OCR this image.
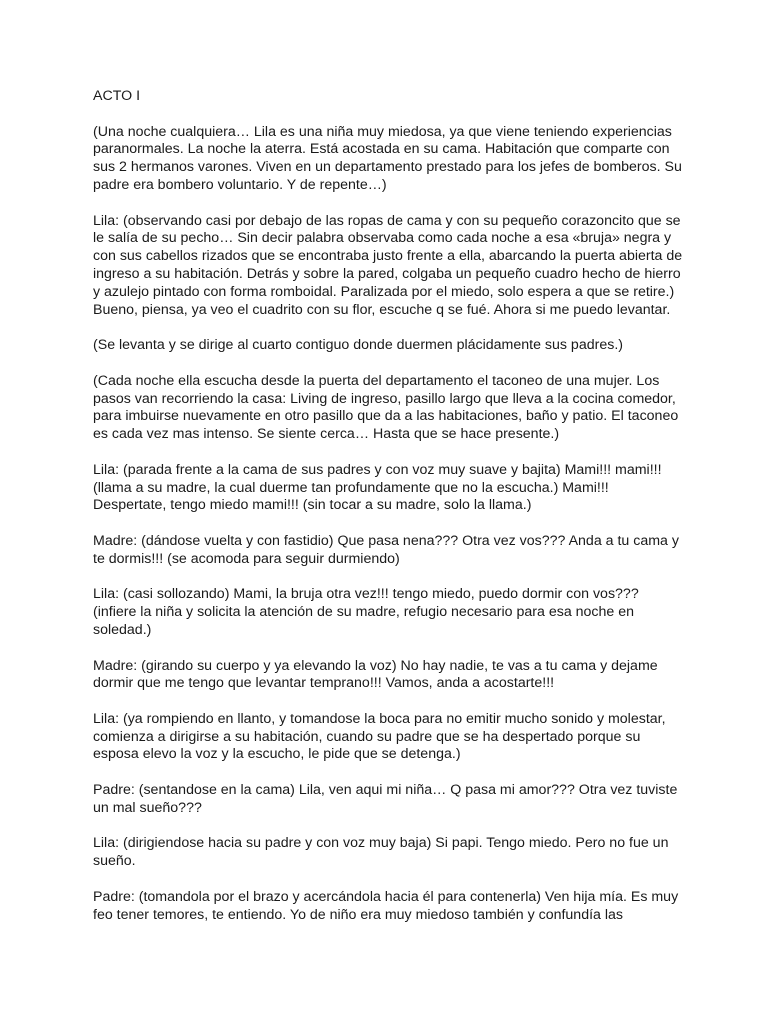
ACTO I

(Una noche cualquiera… Lila es una niña muy miedosa, ya que viene teniendo experiencias paranormales. La noche la aterra. Está acostada en su cama. Habitación que comparte con sus 2 hermanos varones. Viven en un departamento prestado para los jefes de bomberos. Su padre era bombero voluntario. Y de repente…)

Lila: (observando casi por debajo de las ropas de cama y con su pequeño corazoncito que se le salía de su pecho… Sin decir palabra observaba como cada noche a esa «bruja» negra y con sus cabellos rizados que se encontraba justo frente a ella, abarcando la puerta abierta de ingreso a su habitación. Detrás y sobre la pared, colgaba un pequeño cuadro hecho de hierro y azulejo pintado con forma romboidal. Paralizada por el miedo, solo espera a que se retire.) Bueno, piensa, ya veo el cuadrito con su flor, escuche q se fué. Ahora si me puedo levantar.

(Se levanta y se dirige al cuarto contiguo donde duermen plácidamente sus padres.)

(Cada noche ella escucha desde la puerta del departamento el taconeo de una mujer. Los pasos van recorriendo la casa: Living de ingreso, pasillo largo que lleva a la cocina comedor, para imbuirse nuevamente en otro pasillo que da a las habitaciones, baño y patio. El taconeo es cada vez mas intenso. Se siente cerca… Hasta que se hace presente.)

Lila: (parada frente a la cama de sus padres y con voz muy suave y bajita) Mami!!! mami!!! (llama a su madre, la cual duerme tan profundamente que no la escucha.) Mami!!! Despertate, tengo miedo mami!!! (sin tocar a su madre, solo la llama.)

Madre: (dándose vuelta y con fastidio) Que pasa nena??? Otra vez vos??? Anda a tu cama y te dormis!!! (se acomoda para seguir durmiendo)

Lila: (casi sollozando) Mami, la bruja otra vez!!! tengo miedo, puedo dormir con vos??? (infiere la niña y solicita la atención de su madre, refugio necesario para esa noche en soledad.)

Madre: (girando su cuerpo y ya elevando la voz) No hay nadie, te vas a tu cama y dejame dormir que me tengo que levantar temprano!!! Vamos, anda a acostarte!!!

Lila: (ya rompiendo en llanto, y tomandose la boca para no emitir mucho sonido y molestar, comienza a dirigirse a su habitación, cuando su padre que se ha despertado porque su esposa elevo la voz y la escucho, le pide que se detenga.)

Padre: (sentandose en la cama) Lila, ven aqui mi niña… Q pasa mi amor??? Otra vez tuviste un mal sueño???

Lila: (dirigiendose hacia su padre y con voz muy baja) Si papi. Tengo miedo. Pero no fue un sueño.

Padre: (tomandola por el brazo y acercándola hacia él para contenerla) Ven hija mía. Es muy feo tener temores, te entiendo. Yo de niño era muy miedoso también y confundía las
